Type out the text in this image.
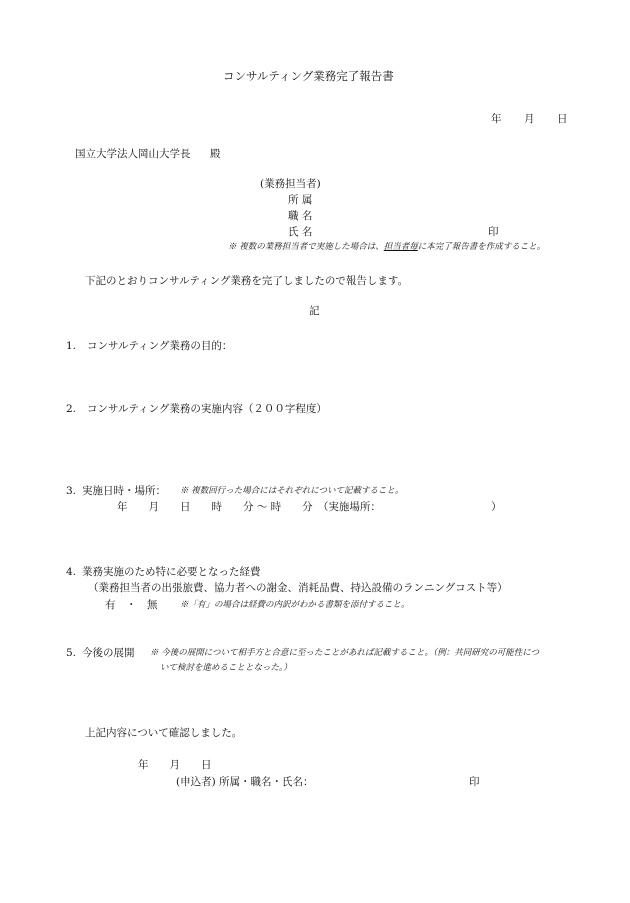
コンサルティング業務完了報告書
年 月 日
国立大学法人岡山大学長 殿
(業務担当者)
所 属
職 名
氏 名	印
※ 複数の業務担当者で実施した場合は、担当者毎に本完了報告書を作成すること。
下記のとおりコンサルティング業務を完了しましたので報告します。
記
1. コンサルティング業務の目的：
2. コンサルティング業務の実施内容（２００字程度）
3. 実施日時・場所： ※ 複数回行った場合にはそれぞれについて記載すること。
年　　月　　日　　時　　分 ～ 時　　分　（実施場所：　　　　　　　　　　　）
4. 業務実施のため特に必要となった経費
（業務担当者の出張旅費、協力者への謝金、消耗品費、持込設備のランニングコスト等）
有　・　無	※「有」の場合は経費の内訳がわかる書類を添付すること。
5. 今後の展開 ※ 今後の展開について相手方と合意に至ったことがあれば記載すること。（例：共同研究の可能性につ
いて検討を進めることとなった。）
上記内容について確認しました。
年　　月　　日
(申込者) 所属・職名・氏名：	印
